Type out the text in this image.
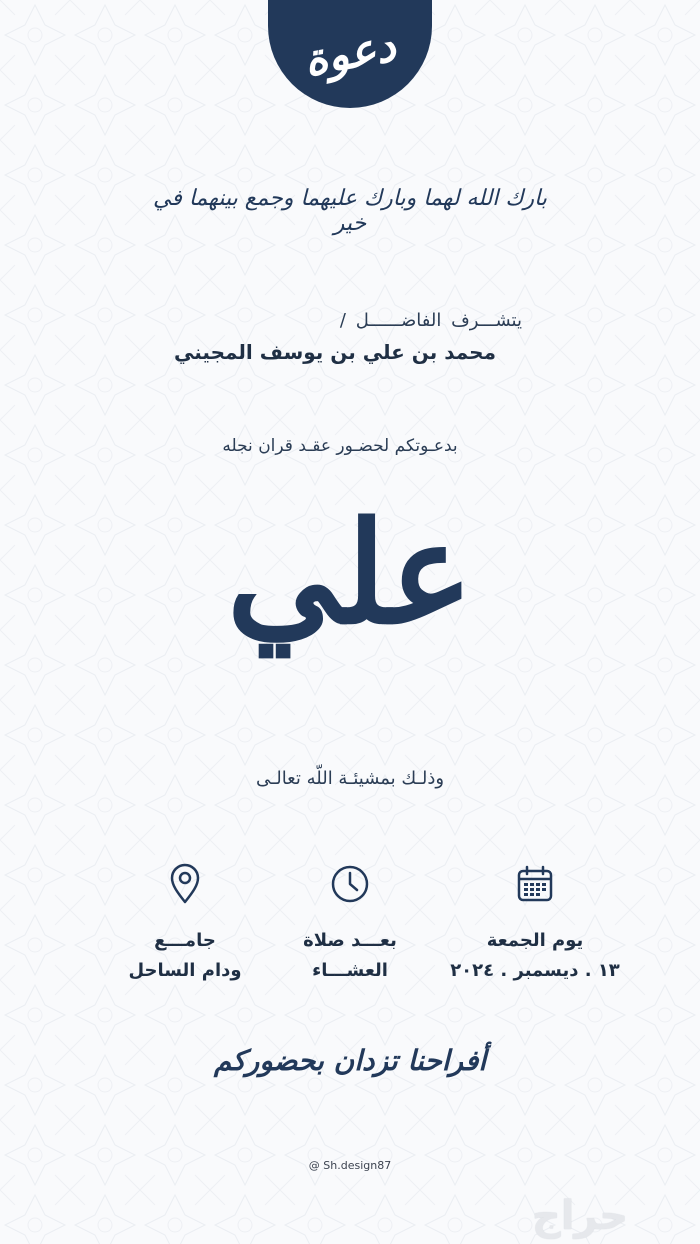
دعوة
بارك الله لهما وبارك عليهما وجمع بينهما في خير
يتشـــرف الفاضــــــل /
محمد بن علي بن يوسف المجيني
بدعـوتكم لحضـور عقـد قران نجله
علي
وذلـك بمشيئـة اللّه تعالـى
يوم الجمعة
١٣ . ديسمبر . ٢٠٢٤
بعـــد صلاة
العشـــاء
جامـــع
ودام الساحل
أفراحنا تزدان بحضوركم
@ Sh.design87
حراج
